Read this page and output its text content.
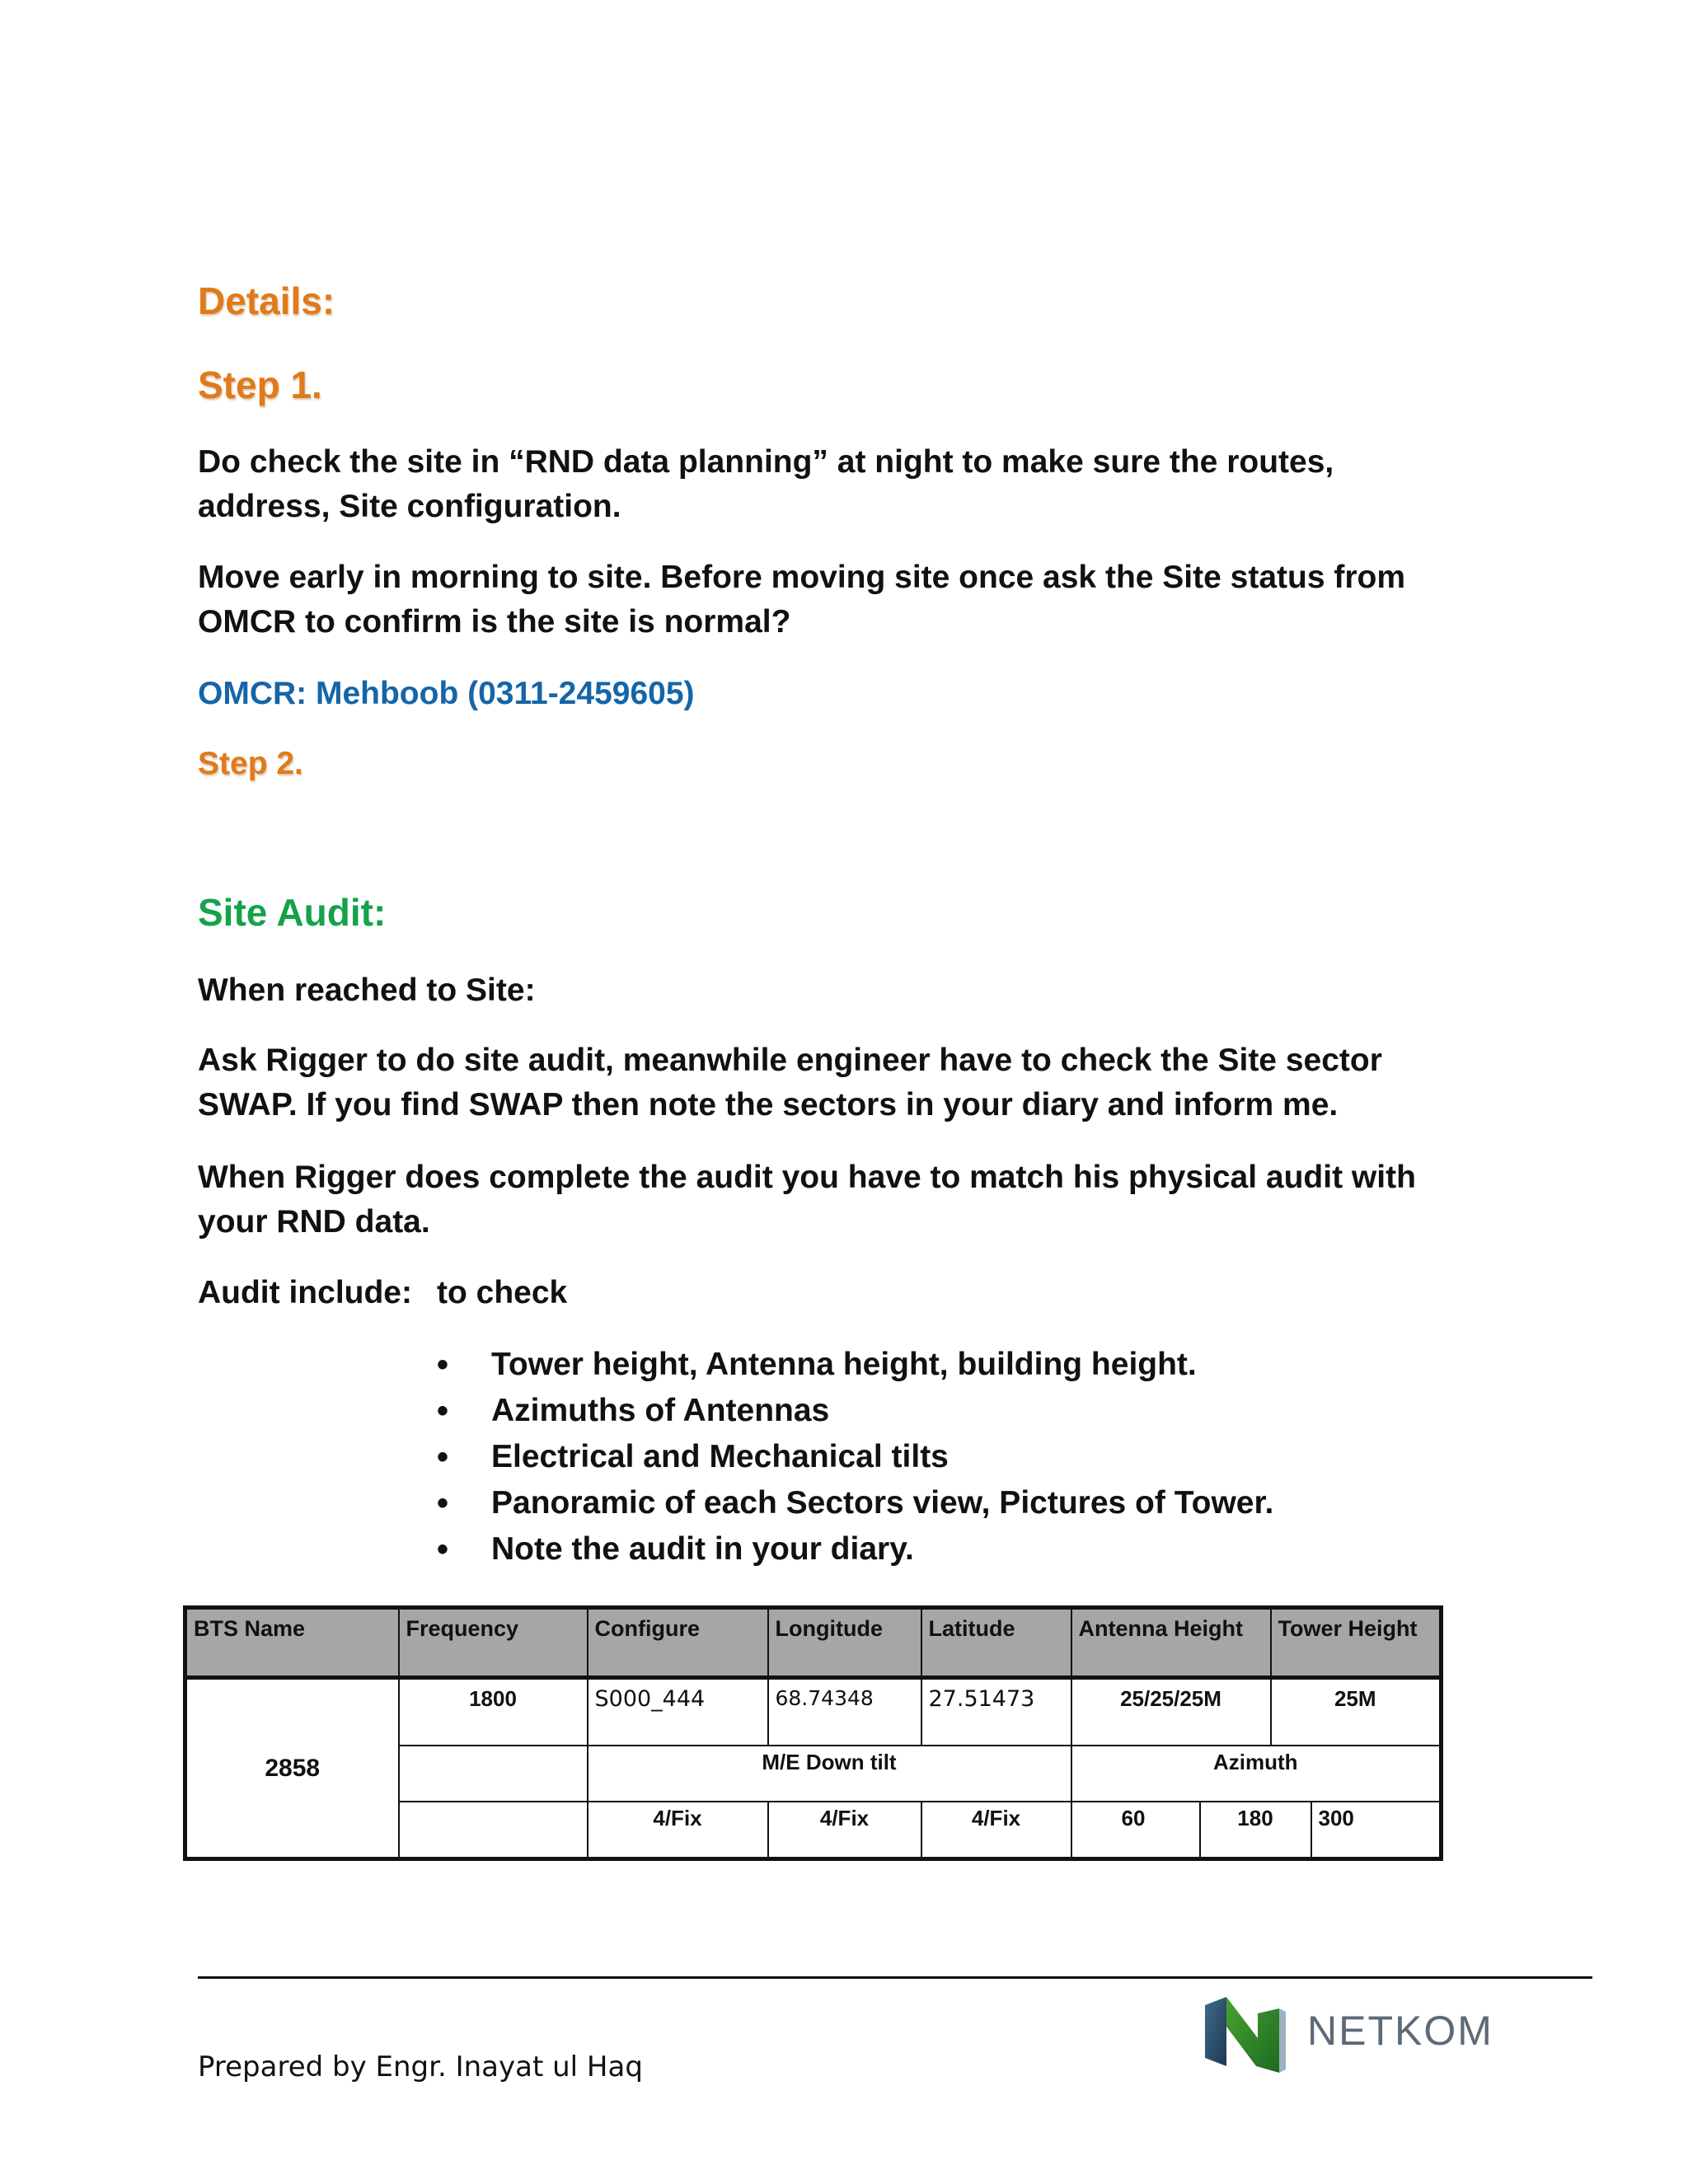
Details:
Step 1.
Do check the site in “RND data planning” at night to make sure the routes,
address, Site configuration.
Move early in morning to site. Before moving site once ask the Site status from
OMCR to confirm is the site is normal?
OMCR: Mehboob (0311-2459605)
Step 2.
Site Audit:
When reached to Site:
Ask Rigger to do site audit, meanwhile engineer have to check the Site sector
SWAP. If you find SWAP then note the sectors in your diary and inform me.
When Rigger does complete the audit you have to match his physical audit with
your RND data.
Audit include: to check
• Tower height, Antenna height, building height.
• Azimuths of Antennas
• Electrical and Mechanical tilts
• Panoramic of each Sectors view, Pictures of Tower.
• Note the audit in your diary.
BTS Name	Frequency	Configure	Longitude	Latitude	Antenna Height		Tower Height	
2858	1800	S000_444	68.74348	27.51473	25/25/25M		25M	
		M/E Down tilt			Azimuth			
		4/Fix	4/Fix	4/Fix	60	180		300
Prepared by Engr. Inayat ul Haq
NETKOM
